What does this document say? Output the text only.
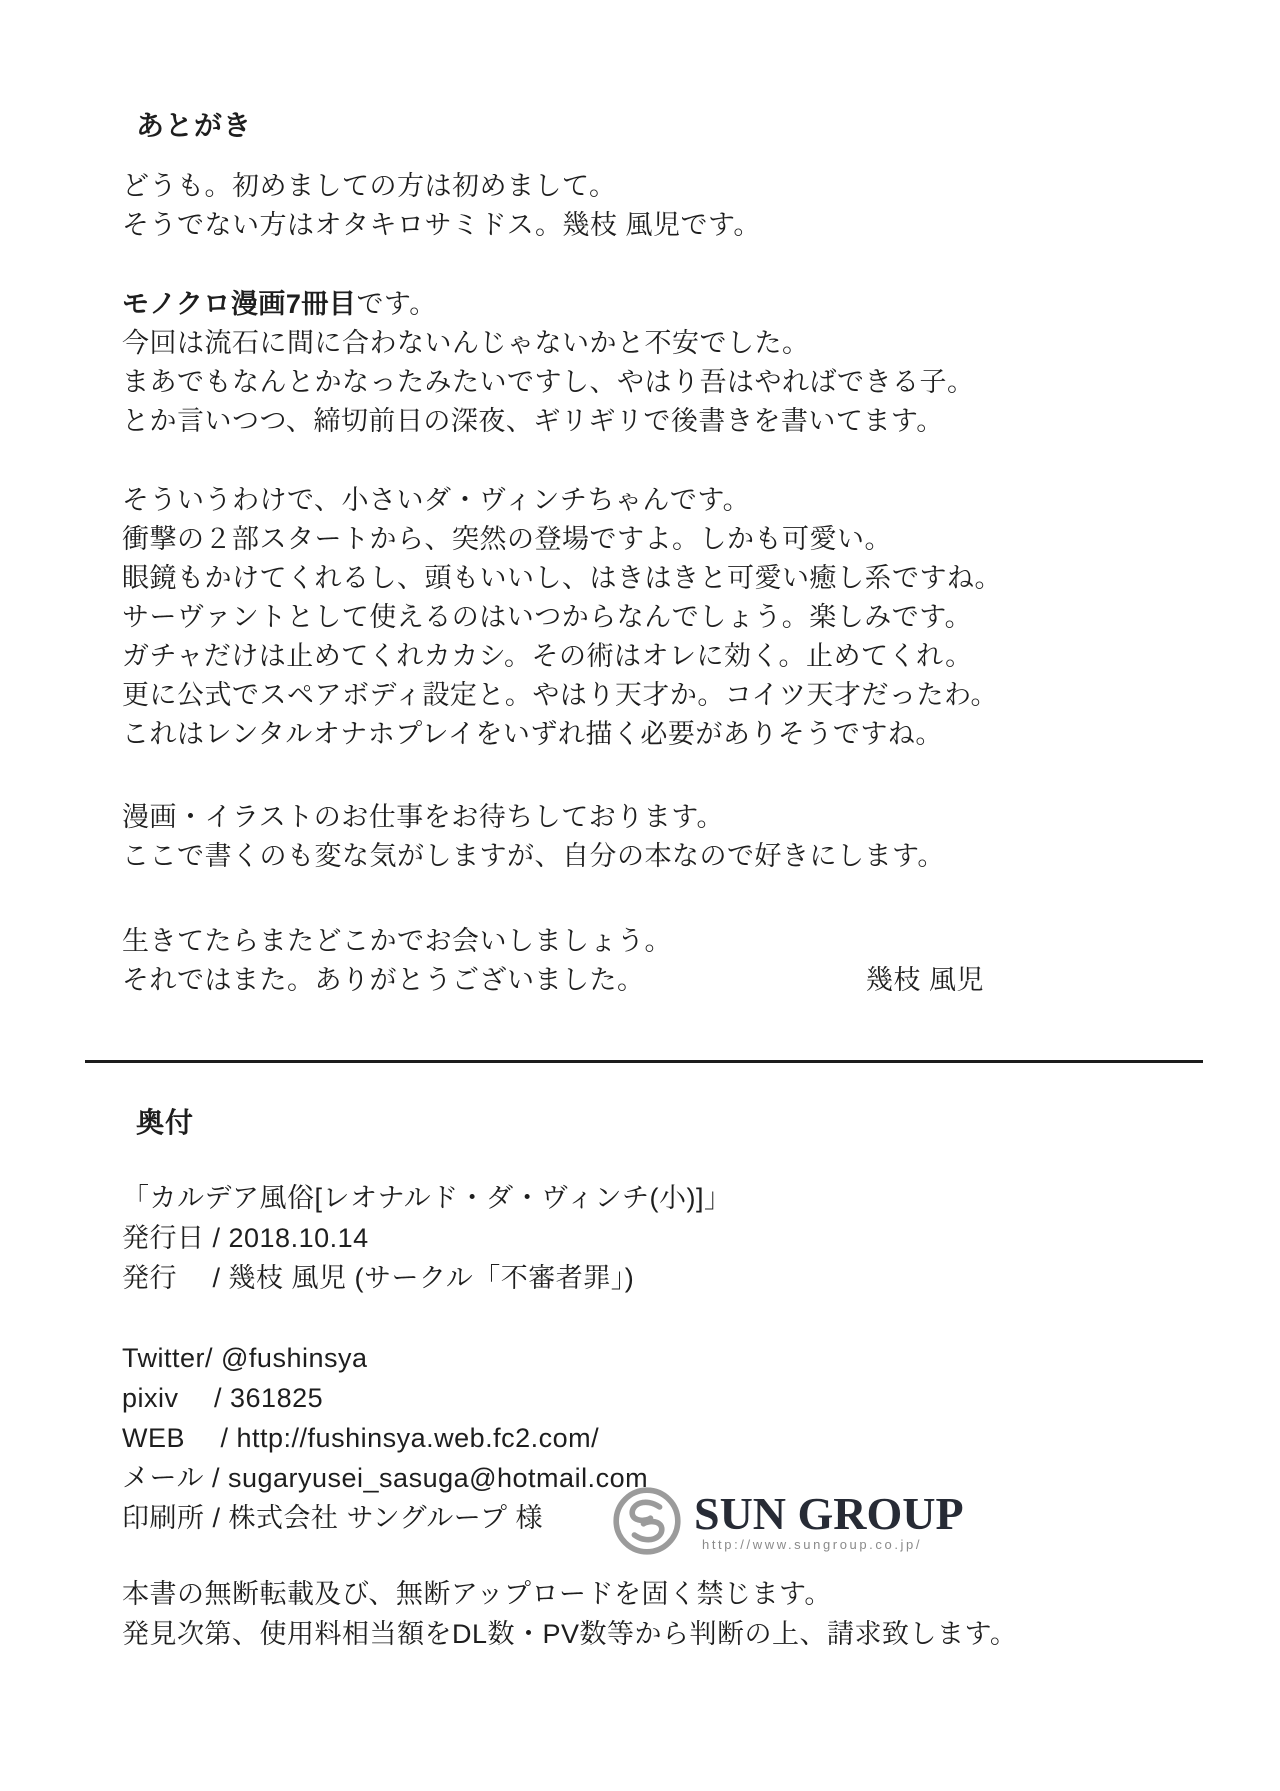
あとがき
どうも。初めましての方は初めまして。
そうでない方はオタキロサミドス。幾枝 風児です。
モノクロ漫画7冊目です。
今回は流石に間に合わないんじゃないかと不安でした。
まあでもなんとかなったみたいですし、やはり吾はやればできる子。
とか言いつつ、締切前日の深夜、ギリギリで後書きを書いてます。
そういうわけで、小さいダ・ヴィンチちゃんです。
衝撃の２部スタートから、突然の登場ですよ。しかも可愛い。
眼鏡もかけてくれるし、頭もいいし、はきはきと可愛い癒し系ですね。
サーヴァントとして使えるのはいつからなんでしょう。楽しみです。
ガチャだけは止めてくれカカシ。その術はオレに効く。止めてくれ。
更に公式でスペアボディ設定と。やはり天才か。コイツ天才だったわ。
これはレンタルオナホプレイをいずれ描く必要がありそうですね。
漫画・イラストのお仕事をお待ちしております。
ここで書くのも変な気がしますが、自分の本なので好きにします。
生きてたらまたどこかでお会いしましょう。
それではまた。ありがとうございました。	幾枝 風児
奥付
「カルデア風俗[レオナルド・ダ・ヴィンチ(小)]」
発行日 / 2018.10.14
発行　 / 幾枝 風児 (サークル「不審者罪」)
Twitter/ @fushinsya
pixiv　 / 361825
WEB　 / http://fushinsya.web.fc2.com/
メール / sugaryusei_sasuga@hotmail.com
印刷所 / 株式会社 サングループ 様
本書の無断転載及び、無断アップロードを固く禁じます。
発見次第、使用料相当額をDL数・PV数等から判断の上、請求致します。
SUN GROUP
http://www.sungroup.co.jp/
